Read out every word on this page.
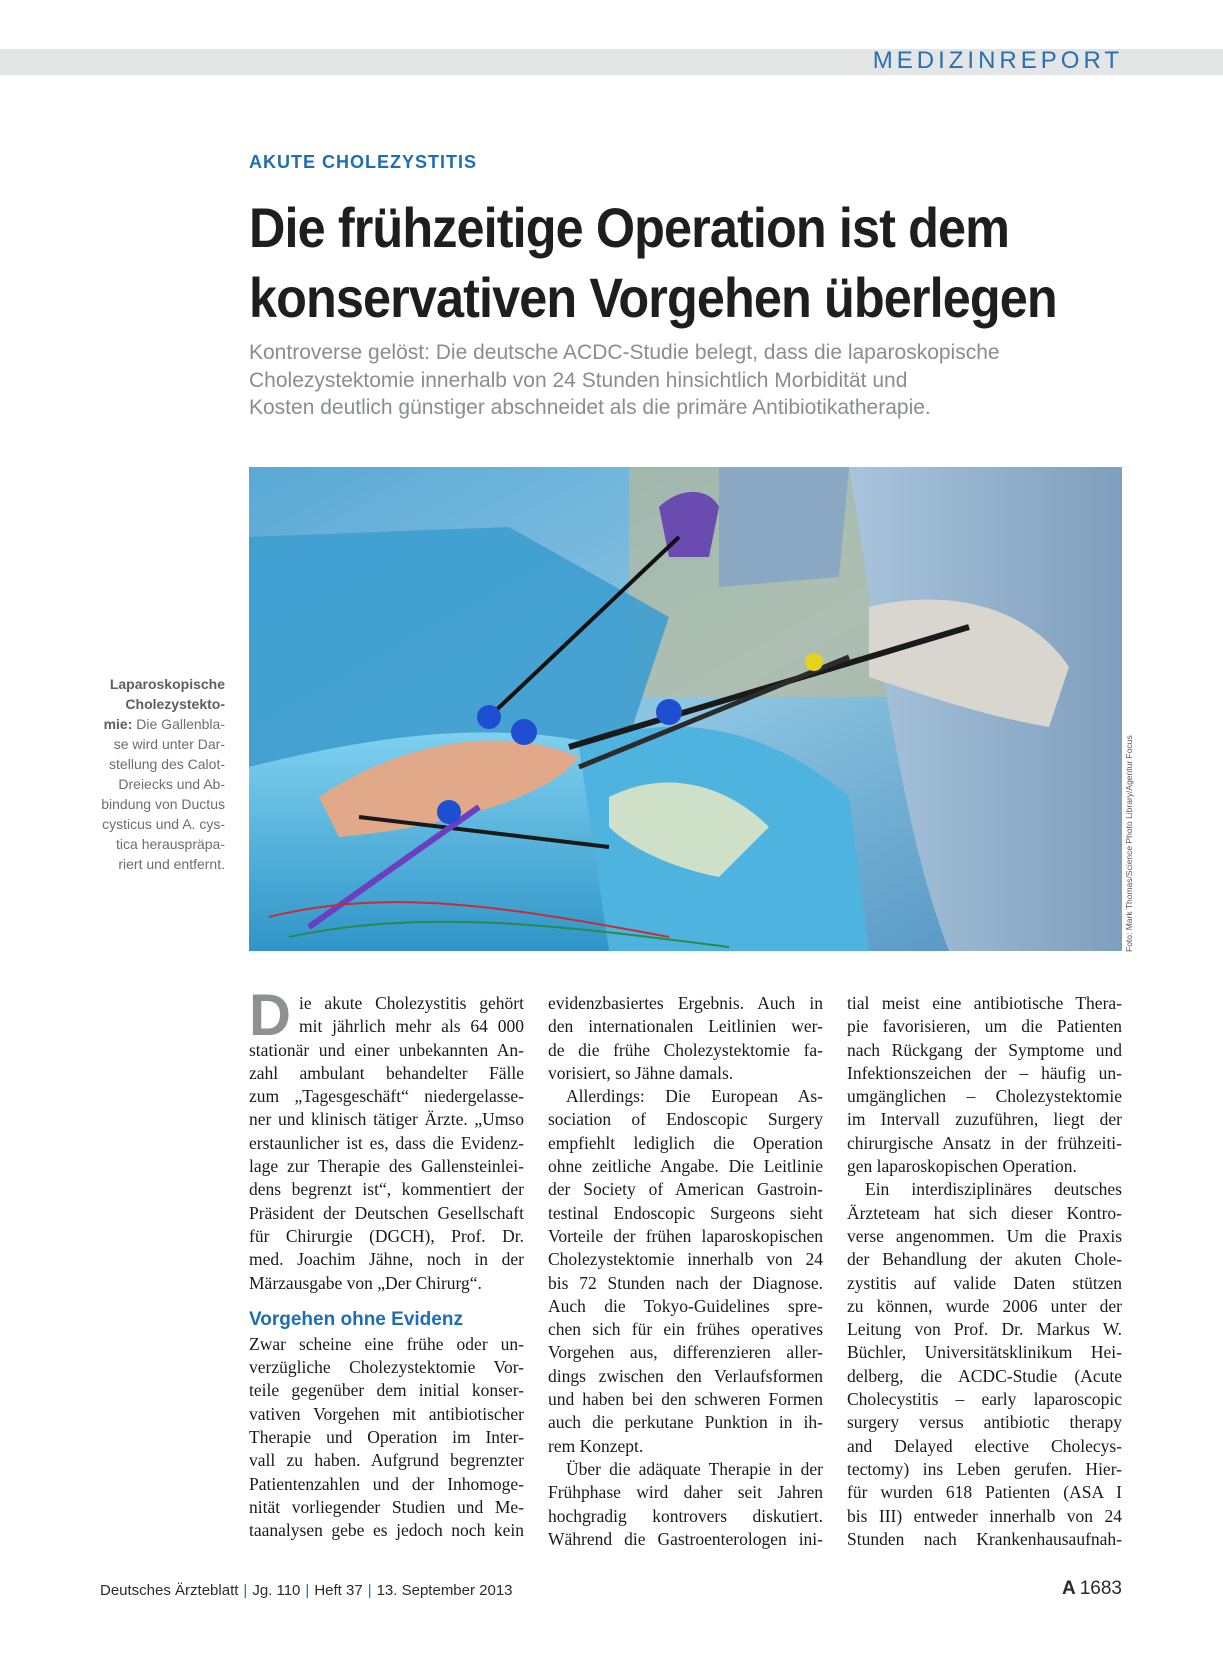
MEDIZINREPORT
AKUTE CHOLEZYSTITIS
Die frühzeitige Operation ist dem
konservativen Vorgehen überlegen

Kontroverse gelöst: Die deutsche ACDC-Studie belegt, dass die laparoskopische
Cholezystektomie innerhalb von 24 Stunden hinsichtlich Morbidität und
Kosten deutlich günstiger abschneidet als die primäre Antibiotikatherapie.

Foto: Mark Thomas/Science Photo Library/Agentur Focus
Laparoskopische
Cholezystekto-
mie: Die Gallenbla-
se wird unter Dar-
stellung des Calot-
Dreiecks und Ab-
bindung von Ductus
cysticus und A. cys-
tica herauspräpa-
riert und entfernt.
D ie akute Cholezystitis gehört
mit jährlich mehr als 64 000
stationär und einer unbekannten An-
zahl ambulant behandelter Fälle
zum „Tagesgeschäft“ niedergelasse-
ner und klinisch tätiger Ärzte. „Umso
erstaunlicher ist es, dass die Evidenz-
lage zur Therapie des Gallensteinlei-
dens begrenzt ist“, kommentiert der
Präsident der Deutschen Gesellschaft
für Chirurgie (DGCH), Prof. Dr.
med. Joachim Jähne, noch in der
Märzausgabe von „Der Chirurg“.
Vorgehen ohne Evidenz
Zwar scheine eine frühe oder un-
verzügliche Cholezystektomie Vor-
teile gegenüber dem initial konser-
vativen Vorgehen mit antibiotischer
Therapie und Operation im Inter-
vall zu haben. Aufgrund begrenzter
Patientenzahlen und der Inhomoge-
nität vorliegender Studien und Me-
taanalysen gebe es jedoch noch kein
evidenzbasiertes Ergebnis. Auch in
den internationalen Leitlinien wer-
de die frühe Cholezystektomie fa-
vorisiert, so Jähne damals.
Allerdings: Die European As-
sociation of Endoscopic Surgery
empfiehlt lediglich die Operation
ohne zeitliche Angabe. Die Leitlinie
der Society of American Gastroin-
testinal Endoscopic Surgeons sieht
Vorteile der frühen laparoskopischen
Cholezystektomie innerhalb von 24
bis 72 Stunden nach der Diagnose.
Auch die Tokyo-Guidelines spre-
chen sich für ein frühes operatives
Vorgehen aus, differenzieren aller-
dings zwischen den Verlaufsformen
und haben bei den schweren Formen
auch die perkutane Punktion in ih-
rem Konzept.
Über die adäquate Therapie in der
Frühphase wird daher seit Jahren
hochgradig kontrovers diskutiert.
Während die Gastroenterologen ini-
tial meist eine antibiotische Thera-
pie favorisieren, um die Patienten
nach Rückgang der Symptome und
Infektionszeichen der – häufig un-
umgänglichen – Cholezystektomie
im Intervall zuzuführen, liegt der
chirurgische Ansatz in der frühzeiti-
gen laparoskopischen Operation.
Ein interdisziplinäres deutsches
Ärzteteam hat sich dieser Kontro-
verse angenommen. Um die Praxis
der Behandlung der akuten Chole-
zystitis auf valide Daten stützen
zu können, wurde 2006 unter der
Leitung von Prof. Dr. Markus W.
Büchler, Universitätsklinikum Hei-
delberg, die ACDC-Studie (Acute
Cholecystitis – early laparoscopic
surgery versus antibiotic therapy
and Delayed elective Cholecys-
tectomy) ins Leben gerufen. Hier-
für wurden 618 Patienten (ASA I
bis III) entweder innerhalb von 24
Stunden nach Krankenhausaufnah-
Deutsches Ärzteblatt | Jg. 110 | Heft 37 | 13. September 2013	A 1683
